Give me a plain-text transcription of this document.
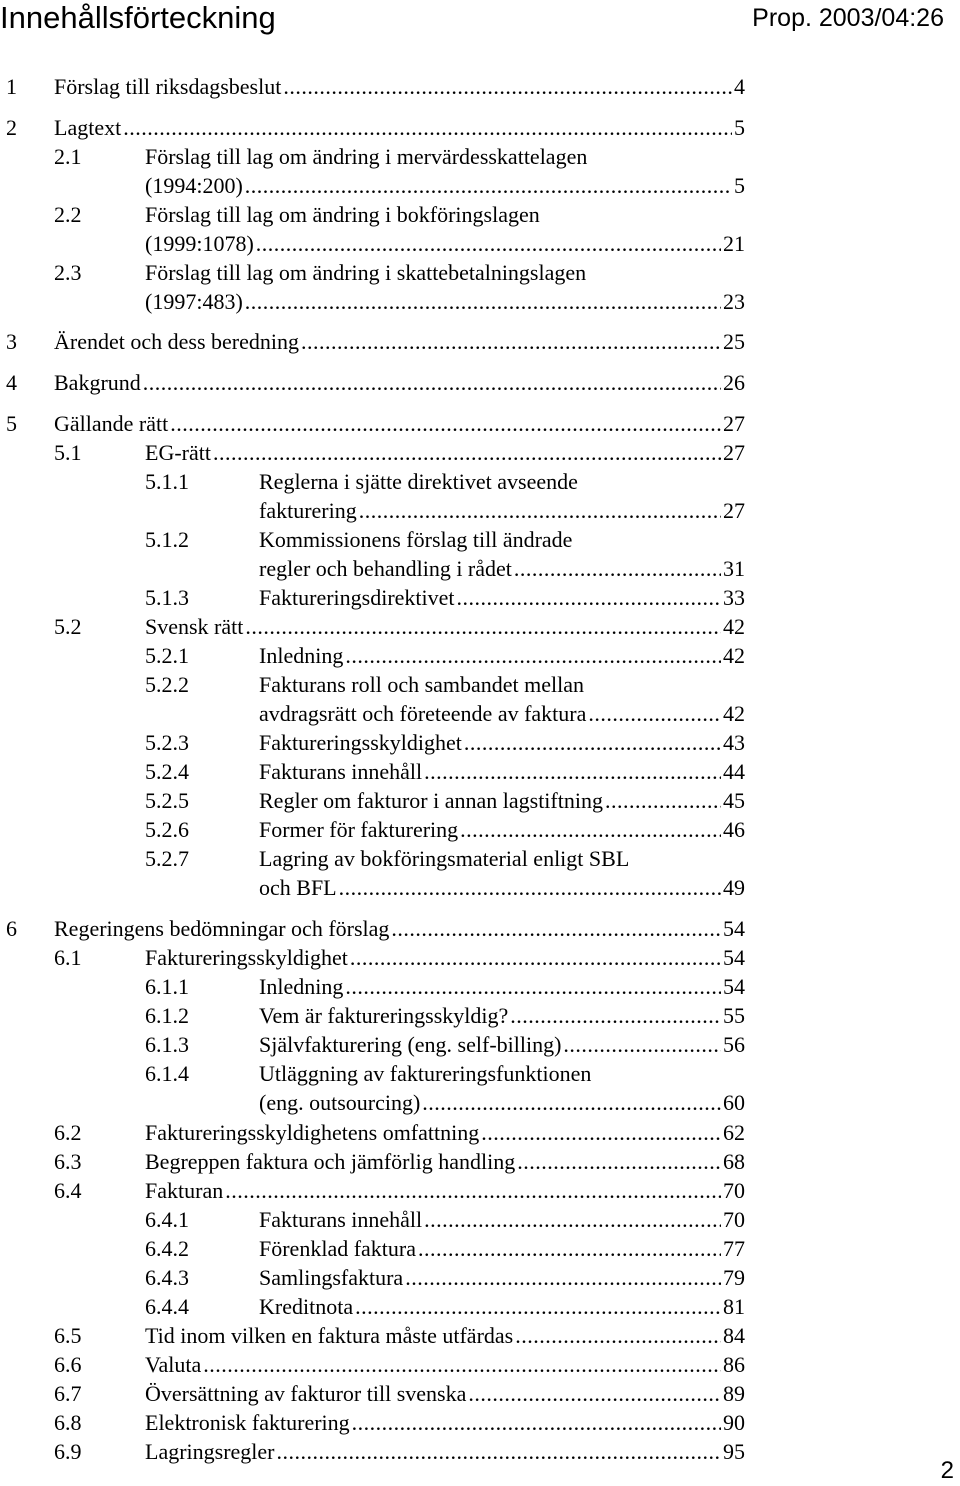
Innehållsförteckning	Prop. 2003/04:26
1 Förslag till riksdagsbeslut .....	4
2 Lagtext .....	5
2.1	Förslag till lag om ändring i mervärdesskattelagen
(1994:200) .....	5
2.2	Förslag till lag om ändring i bokföringslagen
(1999:1078) .....	21
2.3	Förslag till lag om ändring i skattebetalningslagen
(1997:483) .....	23
3 Ärendet och dess beredning .....	25
4 Bakgrund .....	26
5 Gällande rätt .....	27
5.1	EG-rätt .....	27
5.1.1	Reglerna i sjätte direktivet avseende
fakturering .....	27
5.1.2	Kommissionens förslag till ändrade
regler och behandling i rådet .....	31
5.1.3	Faktureringsdirektivet .....	33
5.2	Svensk rätt .....	42
5.2.1	Inledning .....	42
5.2.2	Fakturans roll och sambandet mellan
avdragsrätt och företeende av faktura .....	42
5.2.3	Faktureringsskyldighet .....	43
5.2.4	Fakturans innehåll .....	44
5.2.5	Regler om fakturor i annan lagstiftning .....	45
5.2.6	Former för fakturering .....	46
5.2.7	Lagring av bokföringsmaterial enligt SBL
och BFL .....	49
6 Regeringens bedömningar och förslag .....	54
6.1	Faktureringsskyldighet .....	54
6.1.1	Inledning .....	54
6.1.2	Vem är faktureringsskyldig? .....	55
6.1.3	Självfakturering (eng. self-billing) .....	56
6.1.4	Utläggning av faktureringsfunktionen
(eng. outsourcing) .....	60
6.2	Faktureringsskyldighetens omfattning .....	62
6.3	Begreppen faktura och jämförlig handling .....	68
6.4	Fakturan .....	70
6.4.1	Fakturans innehåll .....	70
6.4.2	Förenklad faktura .....	77
6.4.3	Samlingsfaktura .....	79
6.4.4	Kreditnota .....	81
6.5	Tid inom vilken en faktura måste utfärdas .....	84
6.6	Valuta .....	86
6.7	Översättning av fakturor till svenska .....	89
6.8	Elektronisk fakturering .....	90
6.9	Lagringsregler .....	95
2
